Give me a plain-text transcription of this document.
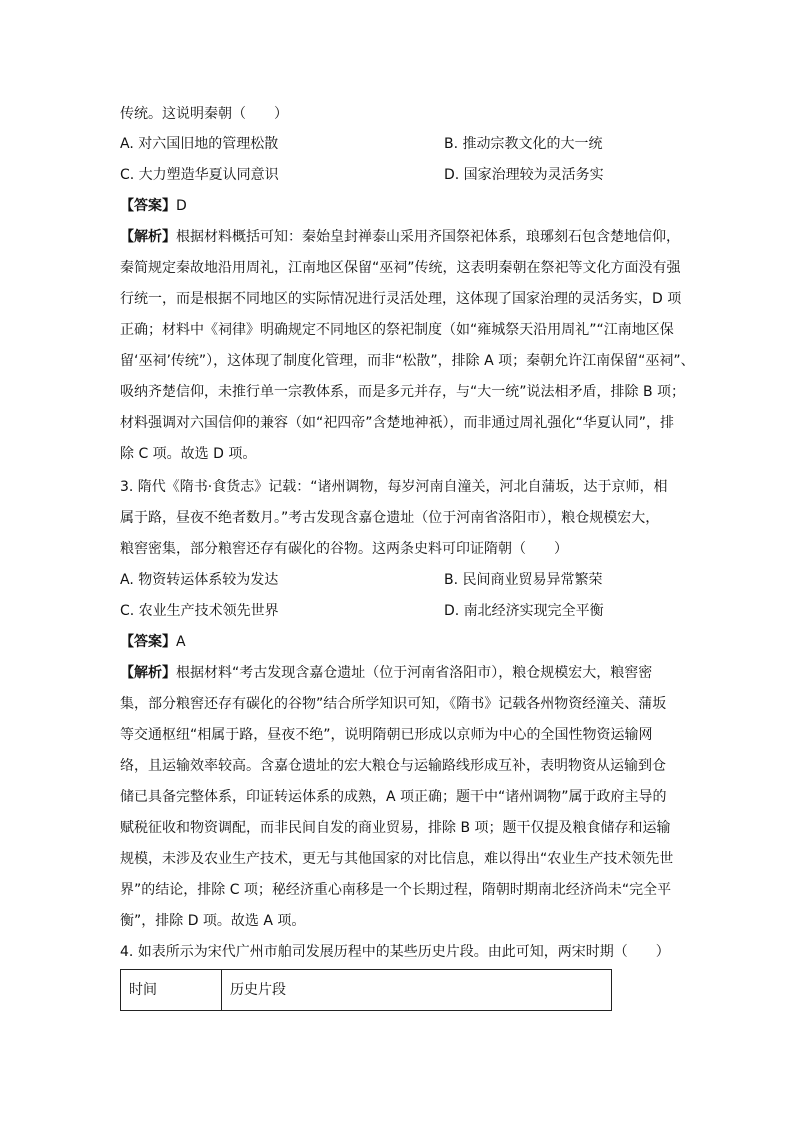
传统。这说明秦朝（　　）
A. 对六国旧地的管理松散	B. 推动宗教文化的大一统
C. 大力塑造华夏认同意识	D. 国家治理较为灵活务实
【答案】D
【解析】根据材料概括可知：秦始皇封禅泰山采用齐国祭祀体系，琅琊刻石包含楚地信仰，
秦简规定秦故地沿用周礼，江南地区保留“巫祠”传统，这表明秦朝在祭祀等文化方面没有强
行统一，而是根据不同地区的实际情况进行灵活处理，这体现了国家治理的灵活务实，D 项
正确；材料中《祠律》明确规定不同地区的祭祀制度（如“雍城祭天沿用周礼”“江南地区保
留‘巫祠’传统”），这体现了制度化管理，而非“松散”，排除 A 项；秦朝允许江南保留“巫祠”、
吸纳齐楚信仰，未推行单一宗教体系，而是多元并存，与“大一统”说法相矛盾，排除 B 项；
材料强调对六国信仰的兼容（如“祀四帝”含楚地神祇），而非通过周礼强化“华夏认同”，排
除 C 项。故选 D 项。
3. 隋代《隋书·食货志》记载：“诸州调物，每岁河南自潼关，河北自蒲坂，达于京师，相
属于路，昼夜不绝者数月。”考古发现含嘉仓遗址（位于河南省洛阳市），粮仓规模宏大，
粮窖密集，部分粮窖还存有碳化的谷物。这两条史料可印证隋朝（　　）
A. 物资转运体系较为发达	B. 民间商业贸易异常繁荣
C. 农业生产技术领先世界	D. 南北经济实现完全平衡
【答案】A
【解析】根据材料“考古发现含嘉仓遗址（位于河南省洛阳市），粮仓规模宏大，粮窖密
集，部分粮窖还存有碳化的谷物”结合所学知识可知，《隋书》记载各州物资经潼关、蒲坂
等交通枢纽“相属于路，昼夜不绝”，说明隋朝已形成以京师为中心的全国性物资运输网
络，且运输效率较高。含嘉仓遗址的宏大粮仓与运输路线形成互补，表明物资从运输到仓
储已具备完整体系，印证转运体系的成熟，A 项正确；题干中“诸州调物”属于政府主导的
赋税征收和物资调配，而非民间自发的商业贸易，排除 B 项；题干仅提及粮食储存和运输
规模，未涉及农业生产技术，更无与其他国家的对比信息，难以得出“农业生产技术领先世
界”的结论，排除 C 项；秘经济重心南移是一个长期过程，隋朝时期南北经济尚未“完全平
衡”，排除 D 项。故选 A 项。
4. 如表所示为宋代广州市舶司发展历程中的某些历史片段。由此可知，两宋时期（　　）
时间	历史片段
